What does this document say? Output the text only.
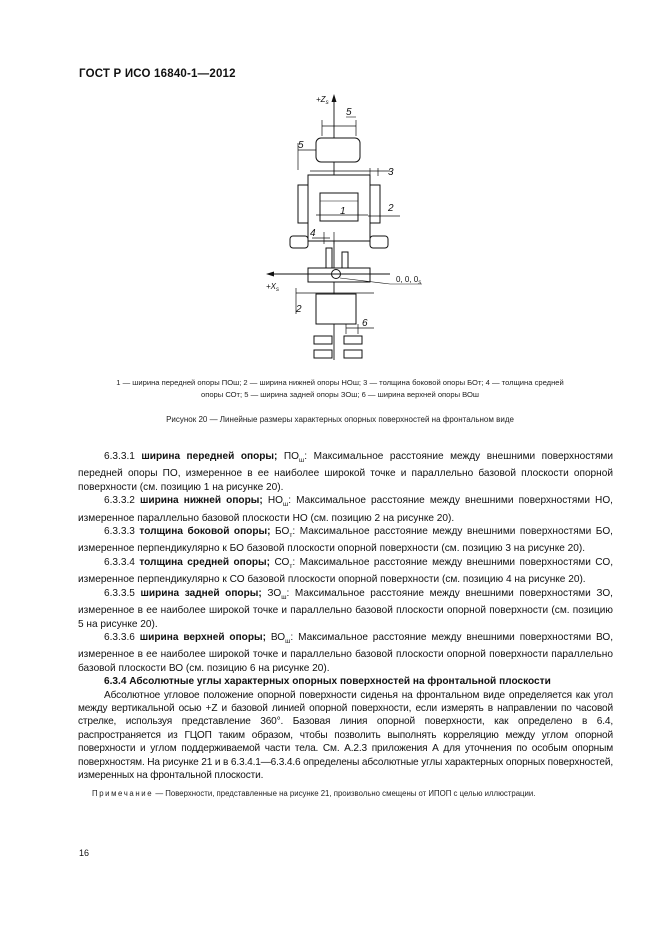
ГОСТ Р ИСО 16840-1—2012
$+Z_s$
5
5
3
1	2
4
$+X_s$
0, 0, $0_s$
2
6
1 — ширина передней опоры ПОш; 2 — ширина нижней опоры НОш; 3 — толщина боковой опоры БОт; 4 — толщина средней
опоры СОт; 5 — ширина задней опоры ЗОш; 6 — ширина верхней опоры ВОш
Рисунок 20 — Линейные размеры характерных опорных поверхностей на фронтальном виде

6.3.3.1 ширина передней опоры; $ПО_ш$: Максимальное расстояние между внешними поверхностями передней опоры ПО, измеренное в ее наиболее широкой точке и параллельно базовой плоскости опорной поверхности (см. позицию 1 на рисунке 20).

6.3.3.2 ширина нижней опоры; $НО_ш$: Максимальное расстояние между внешними поверхностями НО, измеренное параллельно базовой плоскости НО (см. позицию 2 на рисунке 20).

6.3.3.3 толщина боковой опоры; $БО_т$: Максимальное расстояние между внешними поверхностями БО, измеренное перпендикулярно к БО базовой плоскости опорной поверхности (см. позицию 3 на рисунке 20).

6.3.3.4 толщина средней опоры; $СО_т$: Максимальное расстояние между внешними поверхностями СО, измеренное перпендикулярно к СО базовой плоскости опорной поверхности (см. позицию 4 на рисунке 20).

6.3.3.5 ширина задней опоры; $ЗО_ш$: Максимальное расстояние между внешними поверхностями ЗО, измеренное в ее наиболее широкой точке и параллельно базовой плоскости опорной поверхности (см. позицию 5 на рисунке 20).

6.3.3.6 ширина верхней опоры; $ВО_ш$: Максимальное расстояние между внешними поверхностями ВО, измеренное в ее наиболее широкой точке и параллельно базовой плоскости опорной поверхности параллельно базовой плоскости ВО (см. позицию 6 на рисунке 20).

6.3.4 Абсолютные углы характерных опорных поверхностей на фронтальной плоскости

Абсолютное угловое положение опорной поверхности сиденья на фронтальном виде определяется как угол между вертикальной осью +Z и базовой линией опорной поверхности, если измерять в направлении по часовой стрелке, используя представление 360°. Базовая линия опорной поверхности, как определено в 6.4, распространяется из ГЦОП таким образом, чтобы позволить выполнять корреляцию между углом опорной поверхности и углом поддерживаемой части тела. См. А.2.3 приложения А для уточнения по особым опорным поверхностям. На рисунке 21 и в 6.3.4.1—6.3.4.6 определены абсолютные углы характерных опорных поверхностей, измеренных на фронтальной плоскости.

Примечание — Поверхности, представленные на рисунке 21, произвольно смещены от ИПОП с целью иллюстрации.

16
